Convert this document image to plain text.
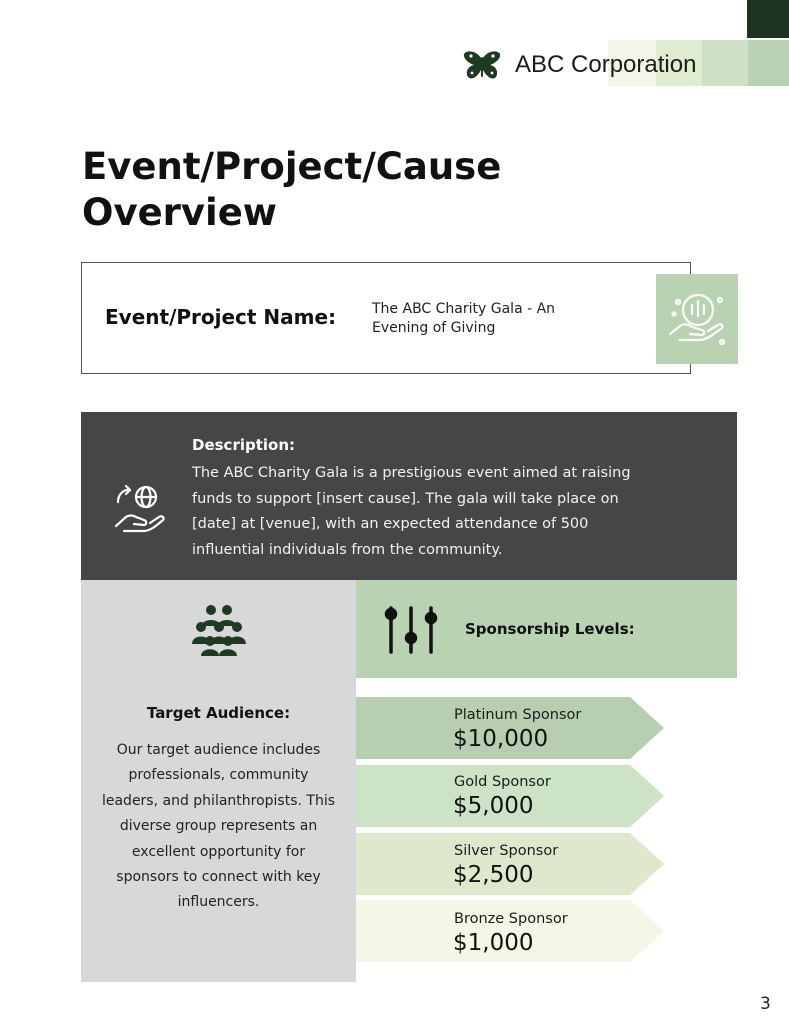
ABC Corporation
Event/Project/Cause Overview
Event/Project Name:	The ABC Charity Gala - An Evening of Giving
Description:
The ABC Charity Gala is a prestigious event aimed at raising funds to support [insert cause]. The gala will take place on [date] at [venue], with an expected attendance of 500 influential individuals from the community.
Target Audience:
Our target audience includes professionals, community leaders, and philanthropists. This diverse group represents an excellent opportunity for sponsors to connect with key influencers.
Sponsorship Levels:
Platinum Sponsor
$10,000
Gold Sponsor
$5,000
Silver Sponsor
$2,500
Bronze Sponsor
$1,000
3
